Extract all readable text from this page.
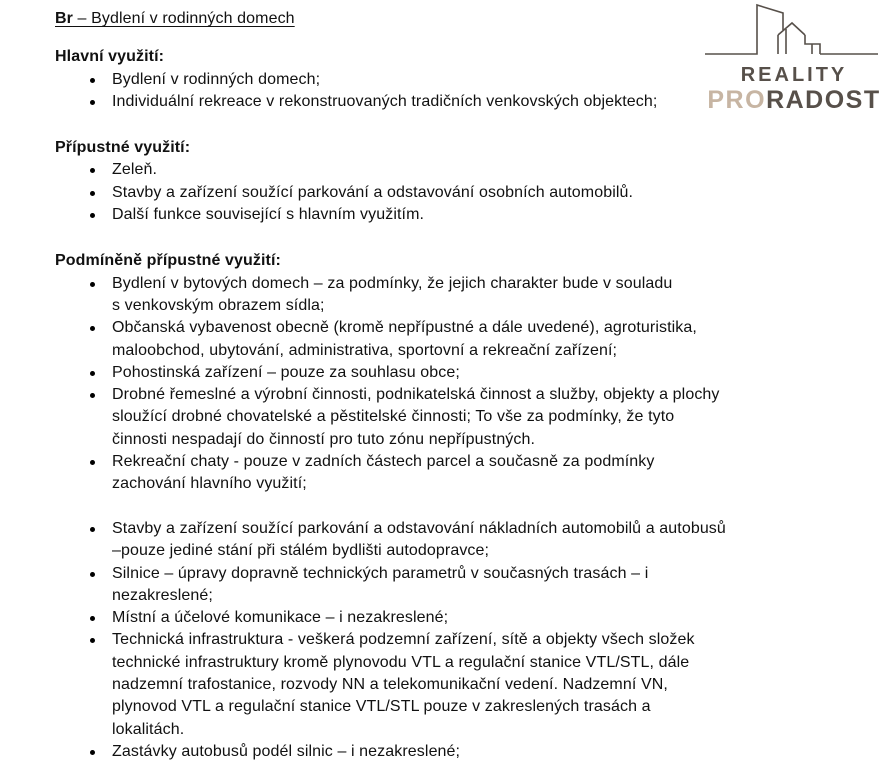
REALITY
PRORADOST
Br – Bydlení v rodinných domech
Hlavní využití:
Bydlení v rodinných domech;
Individuální rekreace v rekonstruovaných tradičních venkovských objektech;
Přípustné využití:
Zeleň.
Stavby a zařízení soužící parkování a odstavování osobních automobilů.
Další funkce související s hlavním využitím.
Podmíněně přípustné využití:
Bydlení v bytových domech – za podmínky, že jejich charakter bude v souladu
s venkovským obrazem sídla;
Občanská vybavenost obecně (kromě nepřípustné a dále uvedené), agroturistika,
maloobchod, ubytování, administrativa, sportovní a rekreační zařízení;
Pohostinská zařízení – pouze za souhlasu obce;
Drobné řemeslné a výrobní činnosti, podnikatelská činnost a služby, objekty a plochy
sloužící drobné chovatelské a pěstitelské činnosti; To vše za podmínky, že tyto
činnosti nespadají do činností pro tuto zónu nepřípustných.
Rekreační chaty - pouze v zadních částech parcel a současně za podmínky
zachování hlavního využití;
Stavby a zařízení soužící parkování a odstavování nákladních automobilů a autobusů
–pouze jediné stání při stálém bydlišti autodopravce;
Silnice – úpravy dopravně technických parametrů v současných trasách – i
nezakreslené;
Místní a účelové komunikace – i nezakreslené;
Technická infrastruktura - veškerá podzemní zařízení, sítě a objekty všech složek
technické infrastruktury kromě plynovodu VTL a regulační stanice VTL/STL, dále
nadzemní trafostanice, rozvody NN a telekomunikační vedení. Nadzemní VN,
plynovod VTL a regulační stanice VTL/STL pouze v zakreslených trasách a
lokalitách.
Zastávky autobusů podél silnic – i nezakreslené;
